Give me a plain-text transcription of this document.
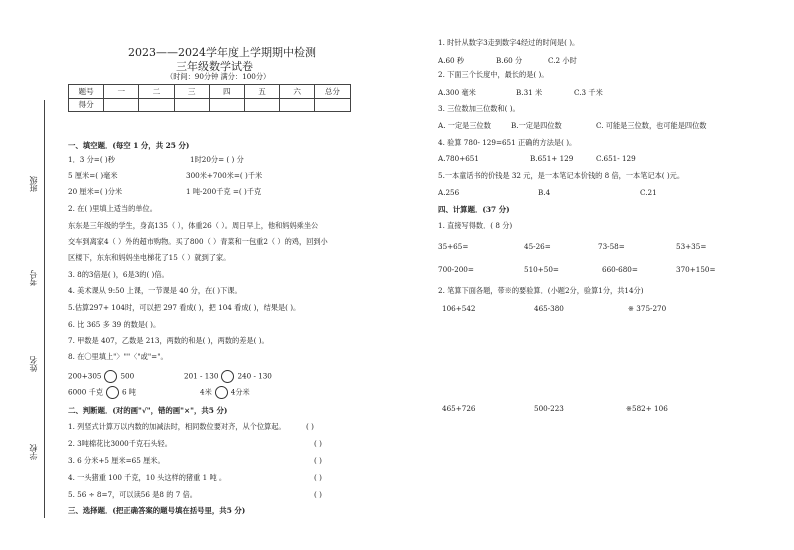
2023——2024学年度上学期期中检测
三年级数学试卷
（时间：90分钟 满分：100分）
题号	一	二	三	四	五	六	总分
得分							
班级
考号
姓名
学校
一、填空题．(每空 1 分，共 25 分)
1．3 分=( )秒	1时20分= ( ) 分
5 厘米=( )毫米	300米+700米=( )千米
20 厘米=( )分米	1 吨-200千克 =( )千克
2. 在( )里填上适当的单位。
东东是三年级的学生，身高135（ ），体重26（ ）。周日早上，他和妈妈乘坐公
交车到离家4（ ）外的超市购物。买了800（ ）青菜和一包重2（ ）的鸡，回到小
区楼下，东东和妈妈坐电梯花了15（ ）就到了家。
3. 8的3倍是( )，6是3的( )倍。
4. 美术课从 9:50 上课，一节课是 40 分，在( )下课。
5.估算297+ 104时，可以把 297 看成( )，把 104 看成( )，结果是( )。
6. 比 365 多 39 的数是( )。
7. 甲数是 407，乙数是 213，两数的和是( )，两数的差是( )。
8. 在〇里填上"〉""〈"或"="。
200+305	500	201 - 130	240 - 130
6000 千克	6 吨	4米	4分米
二、判断题．(对的画"√"，错的画"×"，共5 分)
1. 列竖式计算万以内数的加减法时，相同数位要对齐，从个位算起。	( )
2. 3吨棉花比3000千克石头轻。	( )
3. 6 分米+5 厘米=65 厘米。	( )
4. 一头猪重 100 千克，10 头这样的猪重 1 吨 。	( )
5. 56 ÷ 8=7，可以读56 是8 的 7 倍。	( )
三、选择题．(把正确答案的题号填在括号里，共5 分)
1. 时针从数字3走到数字4经过的时间是( )。
A.60 秒	B.60 分	C.2 小时
2. 下面三个长度中，最长的是( )。
A.300 毫米	B.31 米	C.3 千米
3. 三位数加三位数和( )。
A. 一定是三位数	B.一定是四位数	C. 可能是三位数，也可能是四位数
4. 验算 780- 129=651 正确的方法是( )。
A.780+651	B.651+ 129	C.651- 129
5.一本童话书的价钱是 32 元，是一本笔记本价钱的 8 倍，一本笔记本( )元。
A.256	B.4	C.21
四、计算题．(37 分)
1. 直接写得数．( 8 分)
35+65=	45-26=	73-58=	53+35=
700-200=	510+50=	660-680=	370+150=
2. 笔算下面各题，带※的要验算．(小题2分，验算1分，共14分)
106+542	465-380	※ 375-270
465+726	500-223	※582+ 106
